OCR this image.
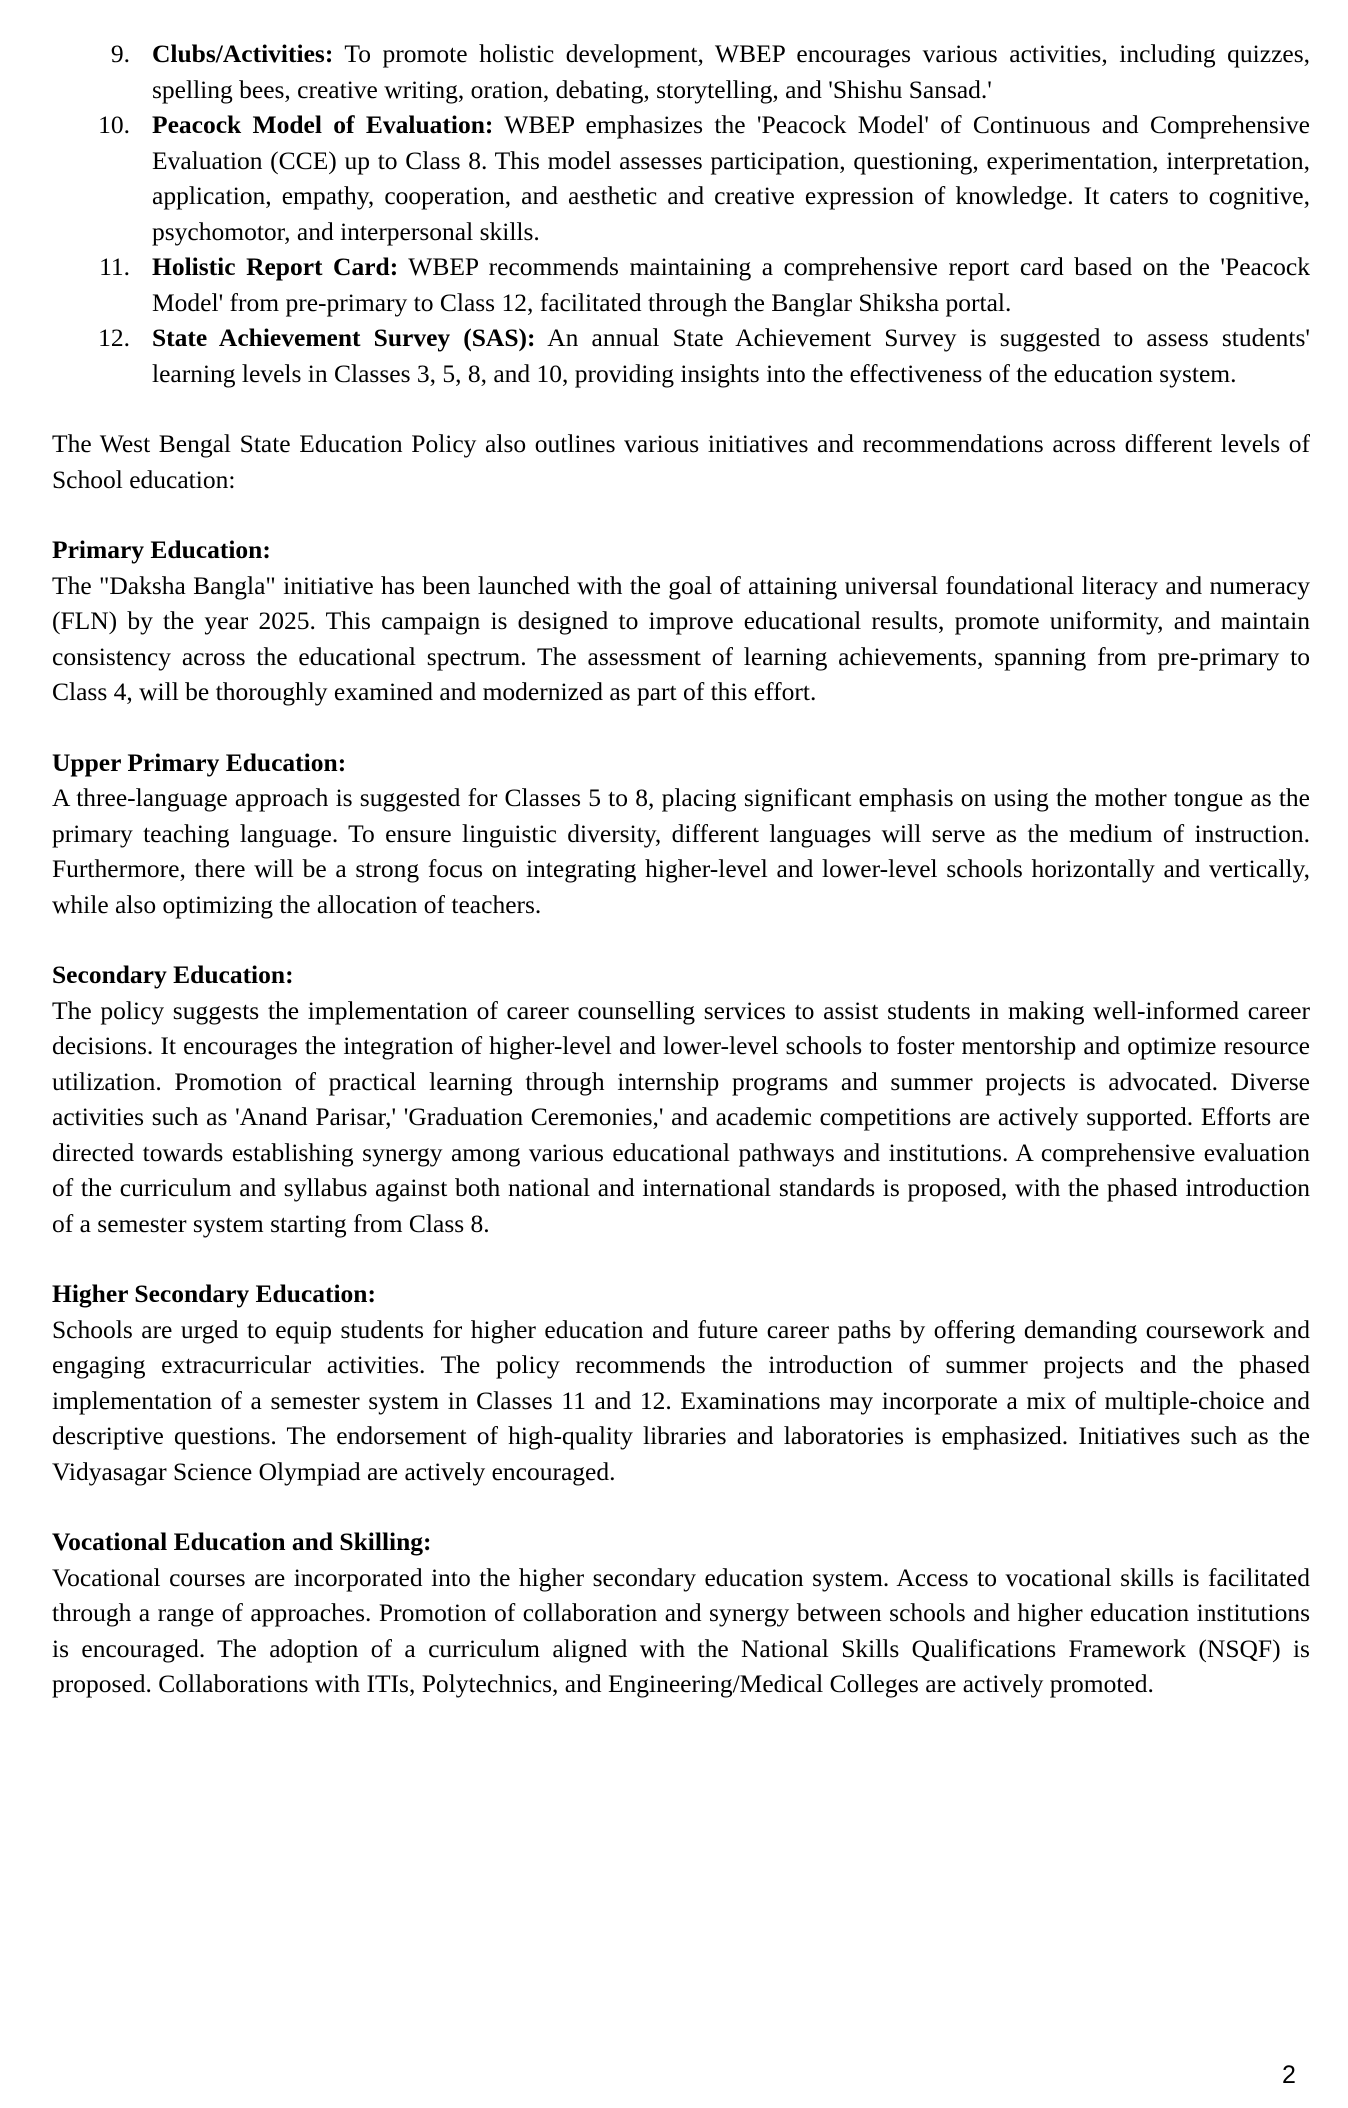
9. Clubs/Activities: To promote holistic development, WBEP encourages various activities, including quizzes, spelling bees, creative writing, oration, debating, storytelling, and 'Shishu Sansad.'
10. Peacock Model of Evaluation: WBEP emphasizes the 'Peacock Model' of Continuous and Comprehensive Evaluation (CCE) up to Class 8. This model assesses participation, questioning, experimentation, interpretation, application, empathy, cooperation, and aesthetic and creative expression of knowledge. It caters to cognitive, psychomotor, and interpersonal skills.
11. Holistic Report Card: WBEP recommends maintaining a comprehensive report card based on the 'Peacock Model' from pre-primary to Class 12, facilitated through the Banglar Shiksha portal.
12. State Achievement Survey (SAS): An annual State Achievement Survey is suggested to assess students' learning levels in Classes 3, 5, 8, and 10, providing insights into the effectiveness of the education system.

The West Bengal State Education Policy also outlines various initiatives and recommendations across different levels of School education:

Primary Education:

The "Daksha Bangla" initiative has been launched with the goal of attaining universal foundational literacy and numeracy (FLN) by the year 2025. This campaign is designed to improve educational results, promote uniformity, and maintain consistency across the educational spectrum. The assessment of learning achievements, spanning from pre-primary to Class 4, will be thoroughly examined and modernized as part of this effort.

Upper Primary Education:

A three-language approach is suggested for Classes 5 to 8, placing significant emphasis on using the mother tongue as the primary teaching language. To ensure linguistic diversity, different languages will serve as the medium of instruction. Furthermore, there will be a strong focus on integrating higher-level and lower-level schools horizontally and vertically, while also optimizing the allocation of teachers.

Secondary Education:

The policy suggests the implementation of career counselling services to assist students in making well-informed career decisions. It encourages the integration of higher-level and lower-level schools to foster mentorship and optimize resource utilization. Promotion of practical learning through internship programs and summer projects is advocated. Diverse activities such as 'Anand Parisar,' 'Graduation Ceremonies,' and academic competitions are actively supported. Efforts are directed towards establishing synergy among various educational pathways and institutions. A comprehensive evaluation of the curriculum and syllabus against both national and international standards is proposed, with the phased introduction of a semester system starting from Class 8.

Higher Secondary Education:

Schools are urged to equip students for higher education and future career paths by offering demanding coursework and engaging extracurricular activities. The policy recommends the introduction of summer projects and the phased implementation of a semester system in Classes 11 and 12. Examinations may incorporate a mix of multiple-choice and descriptive questions. The endorsement of high-quality libraries and laboratories is emphasized. Initiatives such as the Vidyasagar Science Olympiad are actively encouraged.

Vocational Education and Skilling:

Vocational courses are incorporated into the higher secondary education system. Access to vocational skills is facilitated through a range of approaches. Promotion of collaboration and synergy between schools and higher education institutions is encouraged. The adoption of a curriculum aligned with the National Skills Qualifications Framework (NSQF) is proposed. Collaborations with ITIs, Polytechnics, and Engineering/Medical Colleges are actively promoted.

2
